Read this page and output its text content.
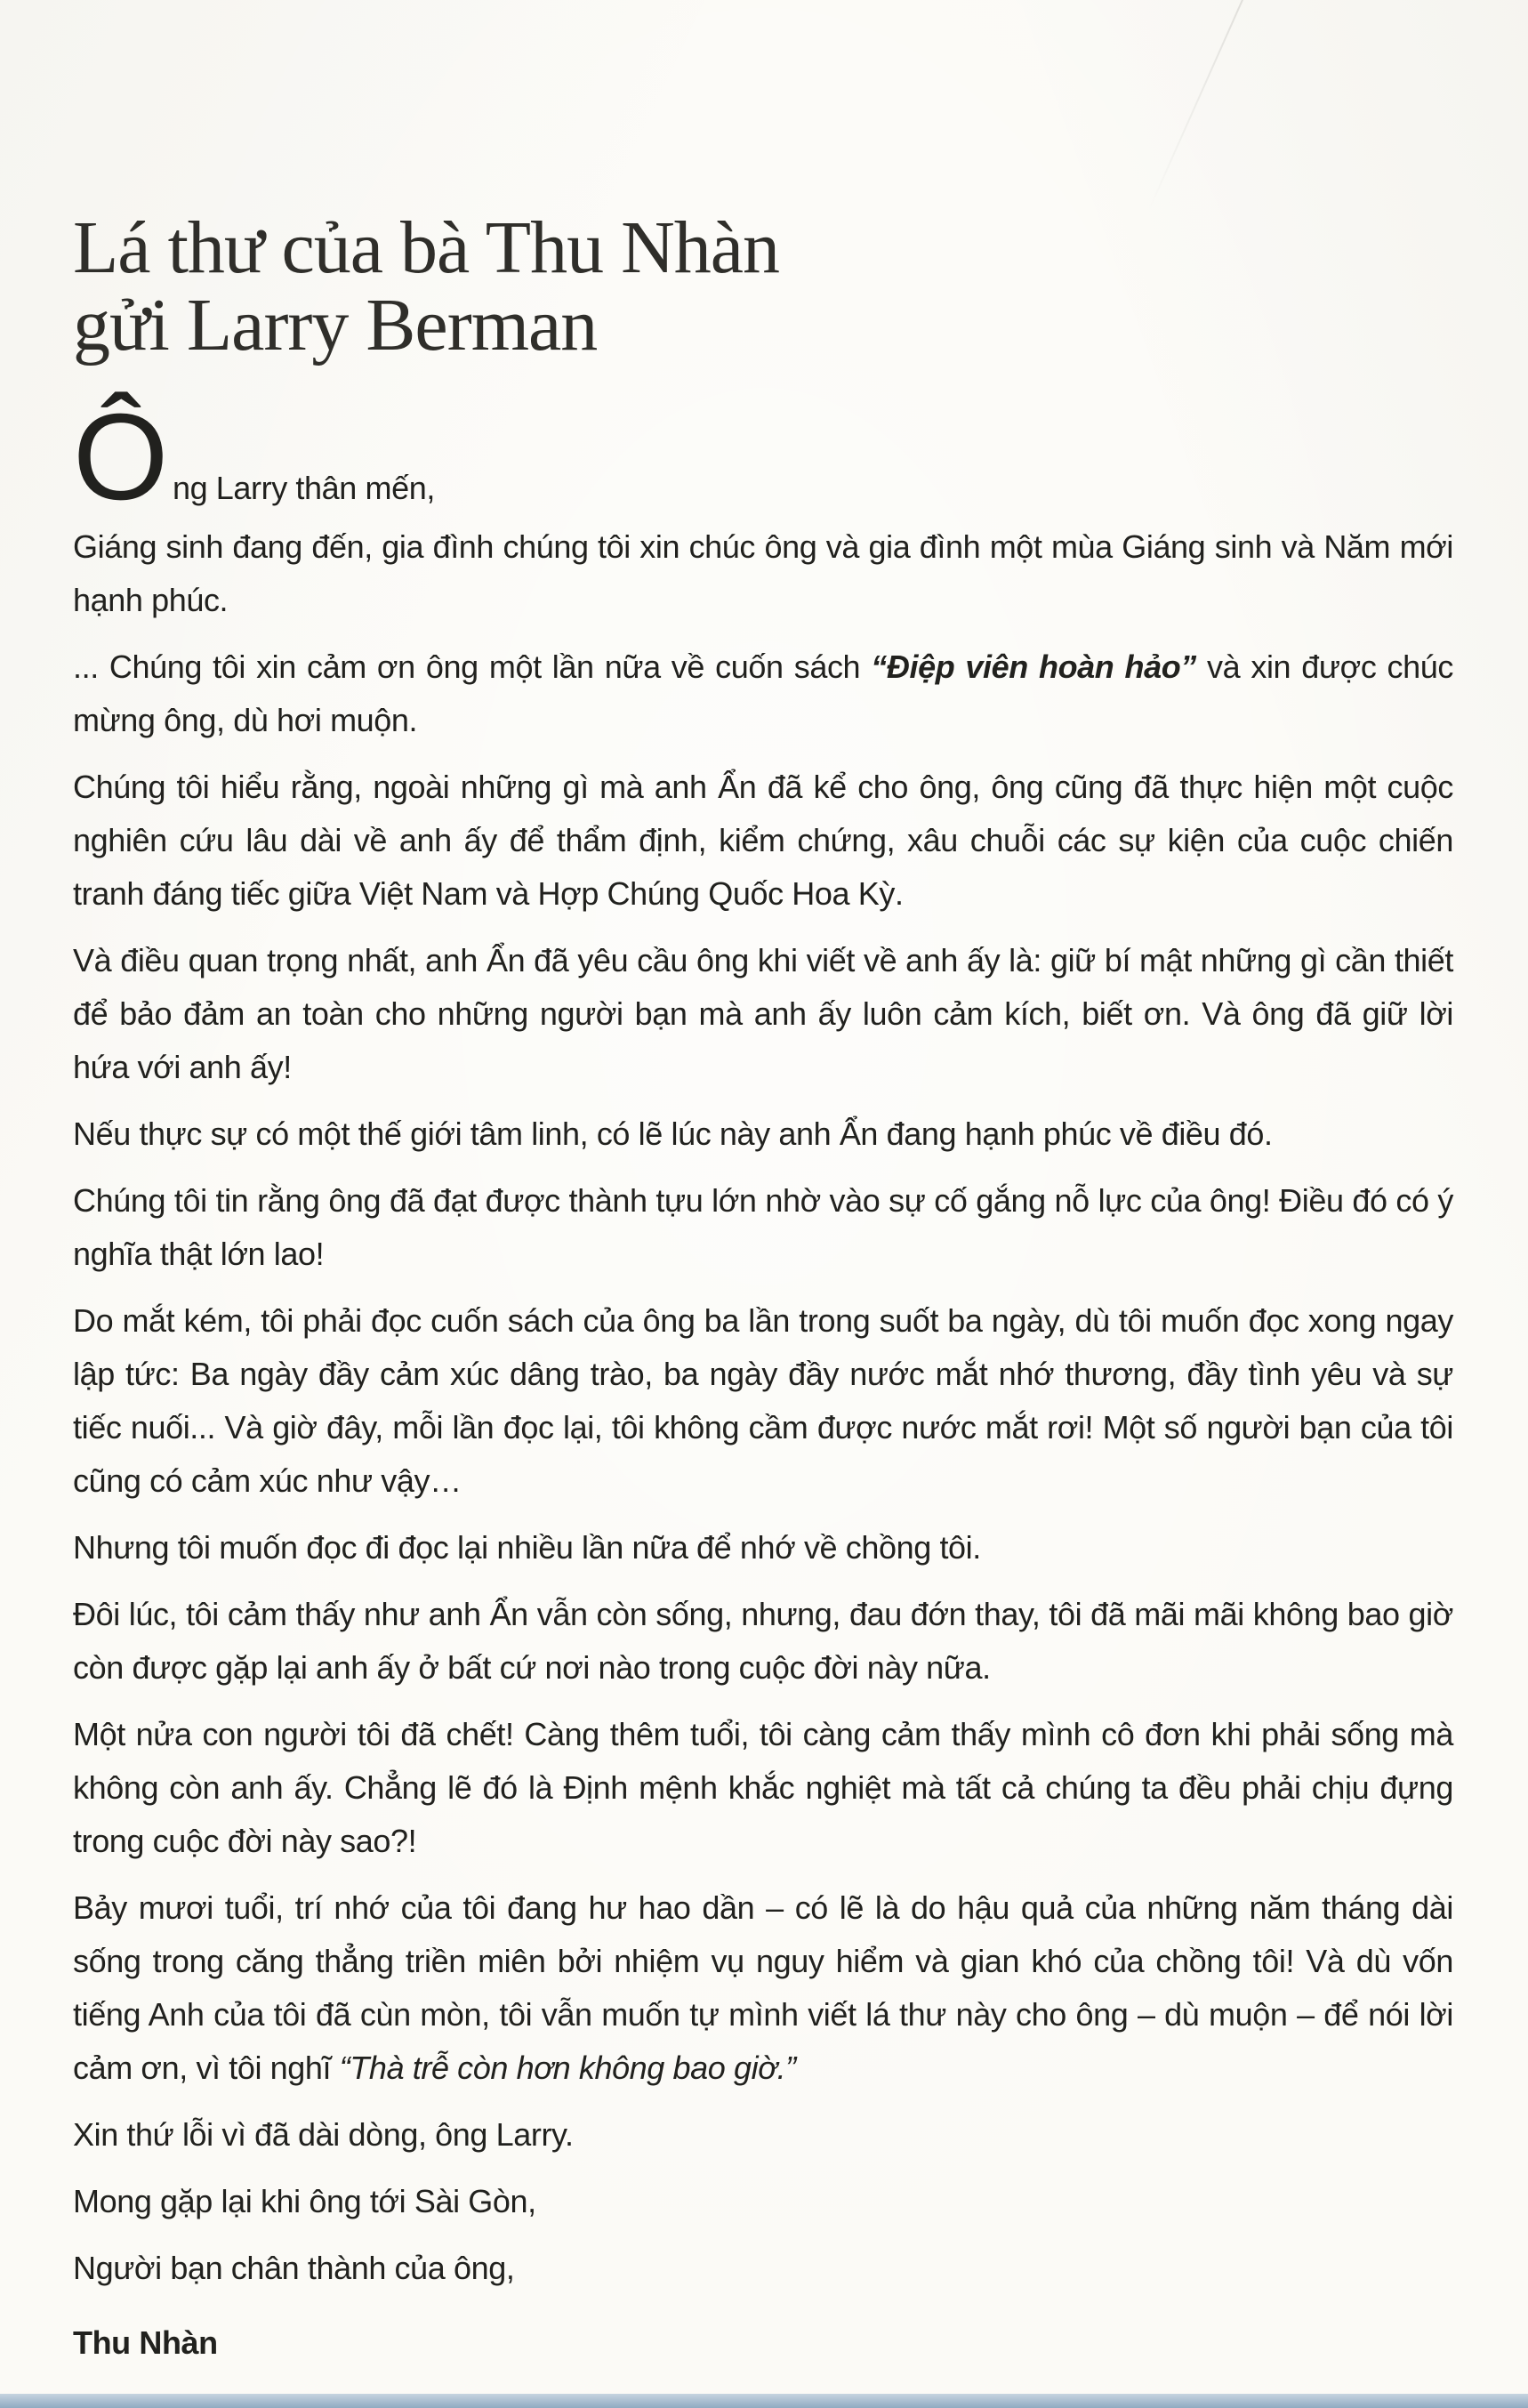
Lá thư của bà Thu Nhàn
gửi Larry Berman

Ông Larry thân mến,

Giáng sinh đang đến, gia đình chúng tôi xin chúc ông và gia đình một mùa Giáng sinh và Năm mới hạnh phúc.

... Chúng tôi xin cảm ơn ông một lần nữa về cuốn sách “Điệp viên hoàn hảo” và xin được chúc mừng ông, dù hơi muộn.

Chúng tôi hiểu rằng, ngoài những gì mà anh Ẩn đã kể cho ông, ông cũng đã thực hiện một cuộc nghiên cứu lâu dài về anh ấy để thẩm định, kiểm chứng, xâu chuỗi các sự kiện của cuộc chiến tranh đáng tiếc giữa Việt Nam và Hợp Chúng Quốc Hoa Kỳ.

Và điều quan trọng nhất, anh Ẩn đã yêu cầu ông khi viết về anh ấy là: giữ bí mật những gì cần thiết để bảo đảm an toàn cho những người bạn mà anh ấy luôn cảm kích, biết ơn. Và ông đã giữ lời hứa với anh ấy!

Nếu thực sự có một thế giới tâm linh, có lẽ lúc này anh Ẩn đang hạnh phúc về điều đó.

Chúng tôi tin rằng ông đã đạt được thành tựu lớn nhờ vào sự cố gắng nỗ lực của ông! Điều đó có ý nghĩa thật lớn lao!

Do mắt kém, tôi phải đọc cuốn sách của ông ba lần trong suốt ba ngày, dù tôi muốn đọc xong ngay lập tức: Ba ngày đầy cảm xúc dâng trào, ba ngày đầy nước mắt nhớ thương, đầy tình yêu và sự tiếc nuối... Và giờ đây, mỗi lần đọc lại, tôi không cầm được nước mắt rơi! Một số người bạn của tôi cũng có cảm xúc như vậy…

Nhưng tôi muốn đọc đi đọc lại nhiều lần nữa để nhớ về chồng tôi.

Đôi lúc, tôi cảm thấy như anh Ẩn vẫn còn sống, nhưng, đau đớn thay, tôi đã mãi mãi không bao giờ còn được gặp lại anh ấy ở bất cứ nơi nào trong cuộc đời này nữa.

Một nửa con người tôi đã chết! Càng thêm tuổi, tôi càng cảm thấy mình cô đơn khi phải sống mà không còn anh ấy. Chẳng lẽ đó là Định mệnh khắc nghiệt mà tất cả chúng ta đều phải chịu đựng trong cuộc đời này sao?!

Bảy mươi tuổi, trí nhớ của tôi đang hư hao dần – có lẽ là do hậu quả của những năm tháng dài sống trong căng thẳng triền miên bởi nhiệm vụ nguy hiểm và gian khó của chồng tôi! Và dù vốn tiếng Anh của tôi đã cùn mòn, tôi vẫn muốn tự mình viết lá thư này cho ông – dù muộn – để nói lời cảm ơn, vì tôi nghĩ “Thà trễ còn hơn không bao giờ.”

Xin thứ lỗi vì đã dài dòng, ông Larry.

Mong gặp lại khi ông tới Sài Gòn,

Người bạn chân thành của ông,

Thu Nhàn
